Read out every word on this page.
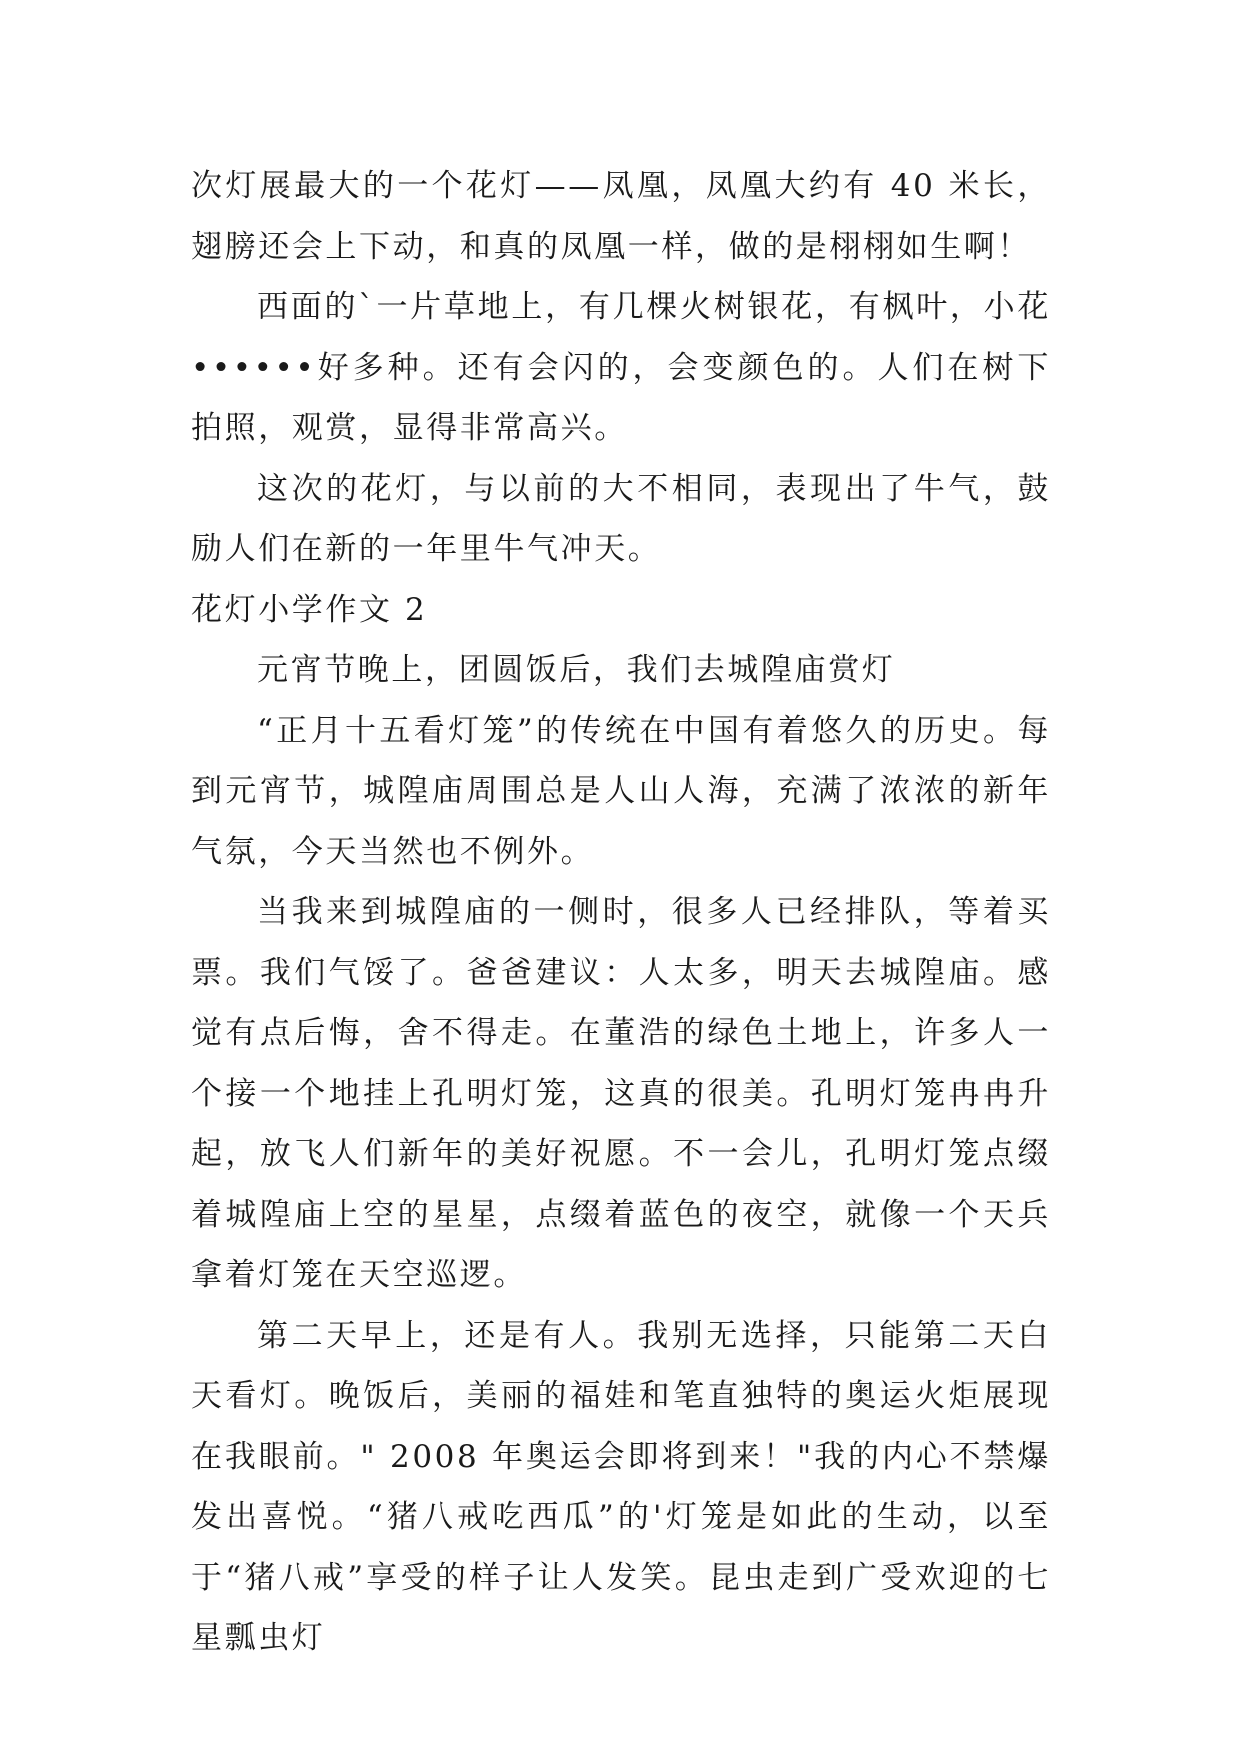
次灯展最大的一个花灯——凤凰，凤凰大约有 40 米长，翅膀还会上下动，和真的凤凰一样，做的是栩栩如生啊！

西面的`一片草地上，有几棵火树银花，有枫叶，小花••••••好多种。还有会闪的，会变颜色的。人们在树下拍照，观赏，显得非常高兴。

这次的花灯，与以前的大不相同，表现出了牛气，鼓励人们在新的一年里牛气冲天。

花灯小学作文 2

元宵节晚上，团圆饭后，我们去城隍庙赏灯

“正月十五看灯笼”的传统在中国有着悠久的历史。每到元宵节，城隍庙周围总是人山人海，充满了浓浓的新年气氛，今天当然也不例外。

当我来到城隍庙的一侧时，很多人已经排队，等着买票。我们气馁了。爸爸建议：人太多，明天去城隍庙。感觉有点后悔，舍不得走。在董浩的绿色土地上，许多人一个接一个地挂上孔明灯笼，这真的很美。孔明灯笼冉冉升起，放飞人们新年的美好祝愿。不一会儿，孔明灯笼点缀着城隍庙上空的星星，点缀着蓝色的夜空，就像一个天兵拿着灯笼在天空巡逻。

第二天早上，还是有人。我别无选择，只能第二天白天看灯。晚饭后，美丽的福娃和笔直独特的奥运火炬展现在我眼前。" 2008 年奥运会即将到来！"我的内心不禁爆发出喜悦。“猪八戒吃西瓜”的'灯笼是如此的生动，以至于“猪八戒”享受的样子让人发笑。昆虫走到广受欢迎的七星瓢虫灯
